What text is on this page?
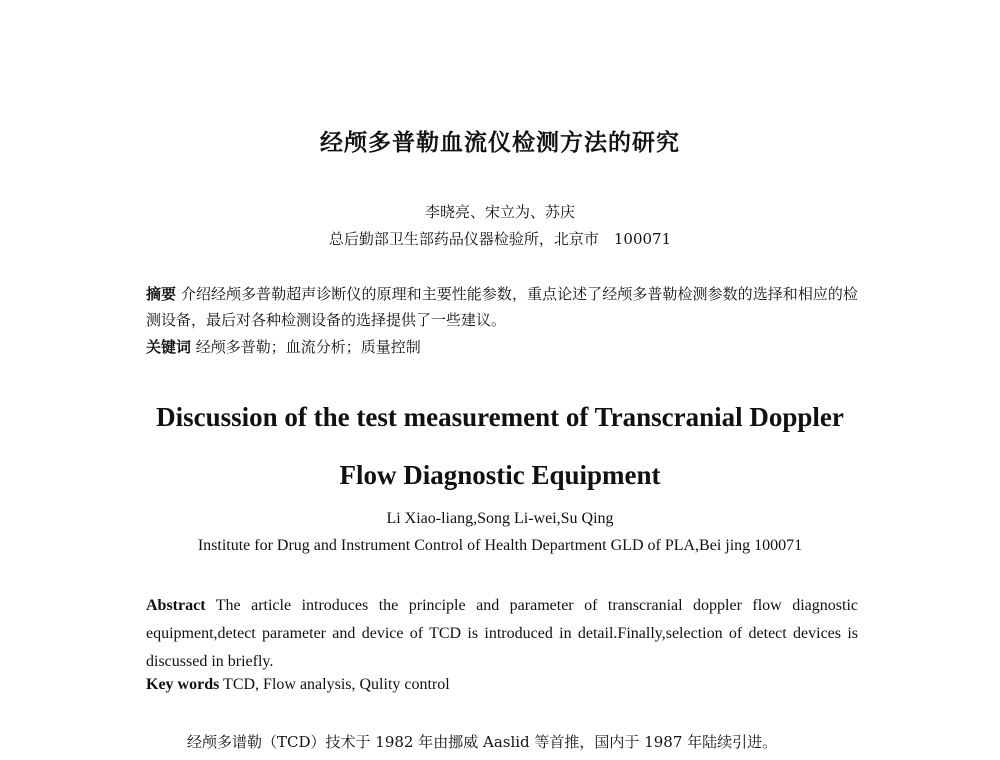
经颅多普勒血流仪检测方法的研究
李晓亮、宋立为、苏庆
总后勤部卫生部药品仪器检验所，北京市　100071
摘要 介绍经颅多普勒超声诊断仪的原理和主要性能参数，重点论述了经颅多普勒检测参数的选择和相应的检测设备，最后对各种检测设备的选择提供了一些建议。
关键词 经颅多普勒；血流分析；质量控制
Discussion of the test measurement of Transcranial Doppler
Flow Diagnostic Equipment
Li Xiao-liang,Song Li-wei,Su Qing
Institute for Drug and Instrument Control of Health Department GLD of PLA,Bei jing 100071
Abstract The article introduces the principle and parameter of transcranial doppler flow diagnostic equipment,detect parameter and device of TCD is introduced in detail.Finally,selection of detect devices is discussed in briefly.
Key words TCD, Flow analysis, Qulity control
经颅多谱勒（TCD）技术于 1982 年由挪威 Aaslid 等首推，国内于 1987 年陆续引进。
